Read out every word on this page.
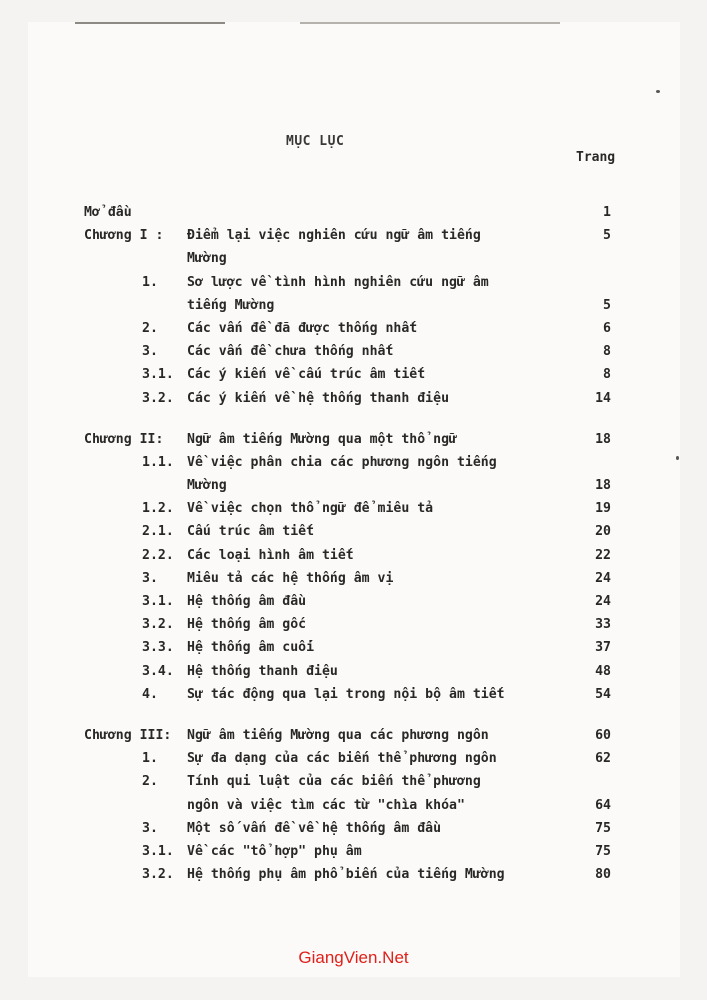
MỤC LỤC
Trang
Mở đầu	1
Chương I :	Điểm lại việc nghiên cứu ngữ âm tiếng	5
Mường
1.	Sơ lược về tình hình nghiên cứu ngữ âm
tiếng Mường	5
2.	Các vấn đề đã được thống nhất	6
3.	Các vấn đề chưa thống nhất	8
3.1.	Các ý kiến về cấu trúc âm tiết	8
3.2.	Các ý kiến về hệ thống thanh điệu	14
Chương II:	Ngữ âm tiếng Mường qua một thổ ngữ	18
1.1.	Về việc phân chia các phương ngôn tiếng
Mường	18
1.2.	Về việc chọn thổ ngữ để miêu tả	19
2.1.	Cấu trúc âm tiết	20
2.2.	Các loại hình âm tiết	22
3.	Miêu tả các hệ thống âm vị	24
3.1.	Hệ thống âm đầu	24
3.2.	Hệ thống âm gốc	33
3.3.	Hệ thống âm cuối	37
3.4.	Hệ thống thanh điệu	48
4.	Sự tác động qua lại trong nội bộ âm tiết	54
Chương III:	Ngữ âm tiếng Mường qua các phương ngôn	60
1.	Sự đa dạng của các biến thể phương ngôn	62
2.	Tính qui luật của các biến thể phương
ngôn và việc tìm các từ "chìa khóa"	64
3.	Một số vấn đề về hệ thống âm đầu	75
3.1.	Về các "tổ hợp" phụ âm	75
3.2.	Hệ thống phụ âm phổ biến của tiếng Mường	80
GiangVien.Net
